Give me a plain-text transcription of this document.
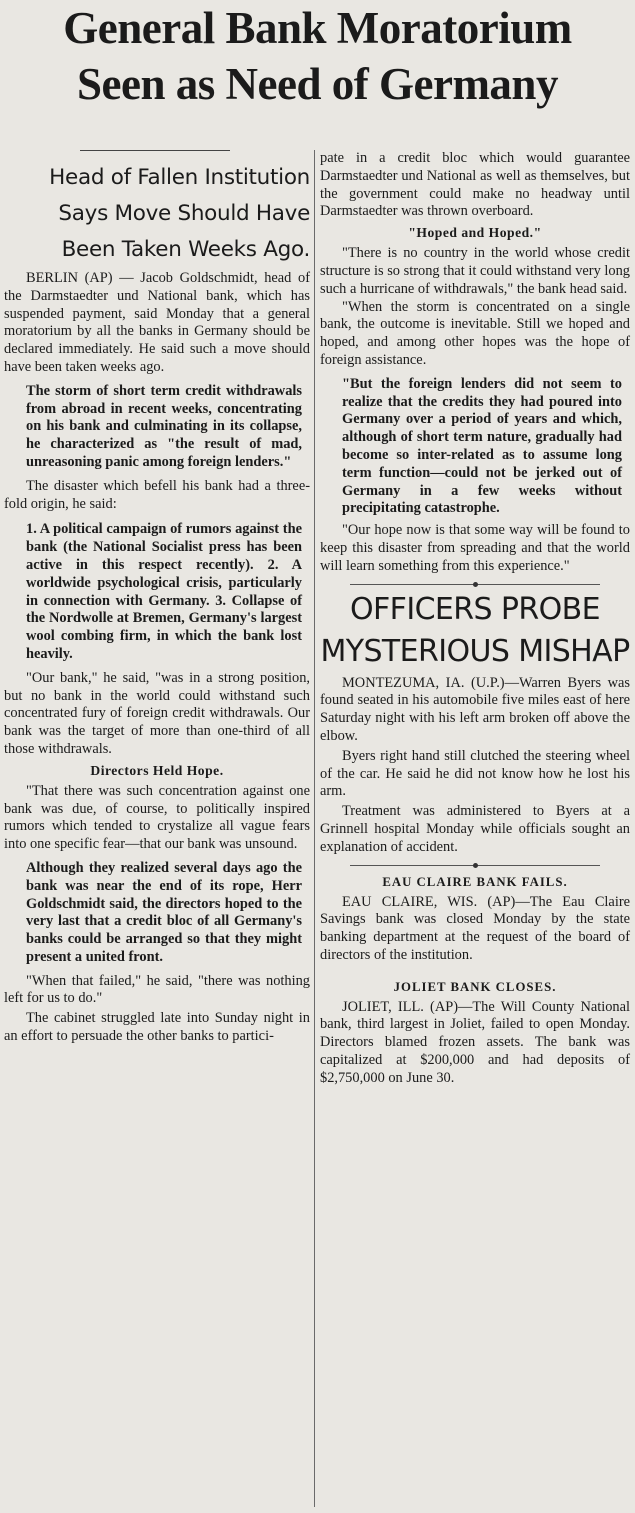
General Bank Moratorium
Seen as Need of Germany
Head of Fallen Institution
Says Move Should Have
Been Taken Weeks Ago.

BERLIN (AP) — Jacob Goldschmidt, head of the Darmstaedter und National bank, which has suspended payment, said Monday that a general moratorium by all the banks in Germany should be declared immediately. He said such a move should have been taken weeks ago.

The storm of short term credit withdrawals from abroad in recent weeks, concentrating on his bank and culminating in its collapse, he characterized as "the result of mad, unreasoning panic among foreign lenders."

The disaster which befell his bank had a three-fold origin, he said:

1. A political campaign of rumors against the bank (the National Socialist press has been active in this respect recently). 2. A worldwide psychological crisis, particularly in connection with Germany. 3. Collapse of the Nordwolle at Bremen, Germany's largest wool combing firm, in which the bank lost heavily.

"Our bank," he said, "was in a strong position, but no bank in the world could withstand such concentrated fury of foreign credit withdrawals. Our bank was the target of more than one-third of all those withdrawals.

Directors Held Hope.

"That there was such concentration against one bank was due, of course, to politically inspired rumors which tended to crystalize all vague fears into one specific fear—that our bank was unsound.

Although they realized several days ago the bank was near the end of its rope, Herr Goldschmidt said, the directors hoped to the very last that a credit bloc of all Germany's banks could be arranged so that they might present a united front.

"When that failed," he said, "there was nothing left for us to do."

The cabinet struggled late into Sunday night in an effort to persuade the other banks to partici-

pate in a credit bloc which would guarantee Darmstaedter und National as well as themselves, but the government could make no headway until Darmstaedter was thrown overboard.

"Hoped and Hoped."

"There is no country in the world whose credit structure is so strong that it could withstand very long such a hurricane of withdrawals," the bank head said.

"When the storm is concentrated on a single bank, the outcome is inevitable. Still we hoped and hoped, and among other hopes was the hope of foreign assistance.

"But the foreign lenders did not seem to realize that the credits they had poured into Germany over a period of years and which, although of short term nature, gradually had become so inter-related as to assume long term function—could not be jerked out of Germany in a few weeks without precipitating catastrophe.

"Our hope now is that some way will be found to keep this disaster from spreading and that the world will learn something from this experience."

OFFICERS PROBE
MYSTERIOUS MISHAP

MONTEZUMA, IA. (U.P.)—Warren Byers was found seated in his automobile five miles east of here Saturday night with his left arm broken off above the elbow.

Byers right hand still clutched the steering wheel of the car. He said he did not know how he lost his arm.

Treatment was administered to Byers at a Grinnell hospital Monday while officials sought an explanation of accident.

EAU CLAIRE BANK FAILS.

EAU CLAIRE, WIS. (AP)—The Eau Claire Savings bank was closed Monday by the state banking department at the request of the board of directors of the institution.

JOLIET BANK CLOSES.

JOLIET, ILL. (AP)—The Will County National bank, third largest in Joliet, failed to open Monday. Directors blamed frozen assets. The bank was capitalized at $200,000 and had deposits of $2,750,000 on June 30.
